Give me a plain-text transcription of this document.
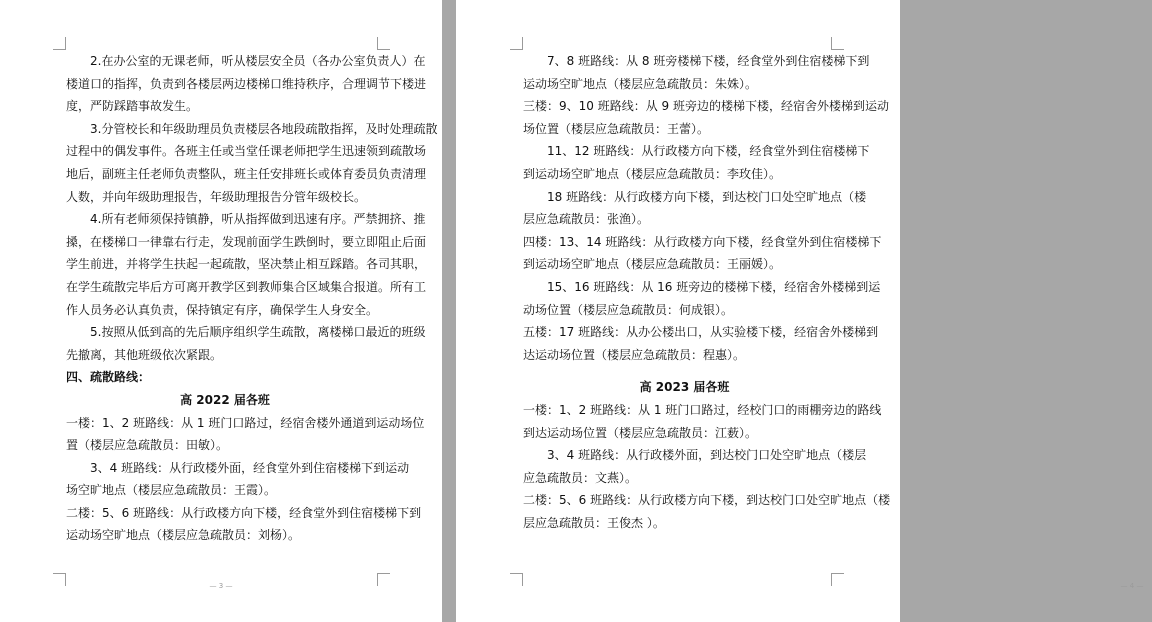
2.在办公室的无课老师，听从楼层安全员（各办公室负责人）在
楼道口的指挥，负责到各楼层两边楼梯口维持秩序，合理调节下楼进
度，严防踩踏事故发生。
3.分管校长和年级助理员负责楼层各地段疏散指挥，及时处理疏散
过程中的偶发事件。各班主任或当堂任课老师把学生迅速领到疏散场
地后，副班主任老师负责整队，班主任安排班长或体育委员负责清理
人数，并向年级助理报告，年级助理报告分管年级校长。
4.所有老师须保持镇静，听从指挥做到迅速有序。严禁拥挤、推
搡，在楼梯口一律靠右行走，发现前面学生跌倒时，要立即阻止后面
学生前进，并将学生扶起一起疏散，坚决禁止相互踩踏。各司其职，
在学生疏散完毕后方可离开教学区到教师集合区域集合报道。所有工
作人员务必认真负责，保持镇定有序，确保学生人身安全。
5.按照从低到高的先后顺序组织学生疏散，离楼梯口最近的班级
先撤离，其他班级依次紧跟。
四、疏散路线：
高 2022 届各班
一楼：1、2 班路线：从 1 班门口路过，经宿舍楼外通道到运动场位
置（楼层应急疏散员：田敏）。
3、4 班路线：从行政楼外面，经食堂外到住宿楼梯下到运动
场空旷地点（楼层应急疏散员：王霞）。
二楼：5、6 班路线：从行政楼方向下楼，经食堂外到住宿楼梯下到
运动场空旷地点（楼层应急疏散员：刘杨）。
— 3 —
7、8 班路线：从 8 班旁楼梯下楼，经食堂外到住宿楼梯下到
运动场空旷地点（楼层应急疏散员：朱姝）。
三楼：9、10 班路线：从 9 班旁边的楼梯下楼，经宿舍外楼梯到运动
场位置（楼层应急疏散员：王蕾）。
11、12 班路线：从行政楼方向下楼，经食堂外到住宿楼梯下
到运动场空旷地点（楼层应急疏散员：李玫佳）。
18 班路线：从行政楼方向下楼，到达校门口处空旷地点（楼
层应急疏散员：张渔）。
四楼：13、14 班路线：从行政楼方向下楼，经食堂外到住宿楼梯下
到运动场空旷地点（楼层应急疏散员：王丽媛）。
15、16 班路线：从 16 班旁边的楼梯下楼，经宿舍外楼梯到运
动场位置（楼层应急疏散员：何成银）。
五楼：17 班路线：从办公楼出口，从实验楼下楼，经宿舍外楼梯到
达运动场位置（楼层应急疏散员：程惠）。
高 2023 届各班
一楼：1、2 班路线：从 1 班门口路过，经校门口的雨棚旁边的路线
到达运动场位置（楼层应急疏散员：江薮）。
3、4 班路线：从行政楼外面，到达校门口处空旷地点（楼层
应急疏散员：文燕）。
二楼：5、6 班路线：从行政楼方向下楼，到达校门口处空旷地点（楼
层应急疏散员：王俊杰 ）。
— 4 —
